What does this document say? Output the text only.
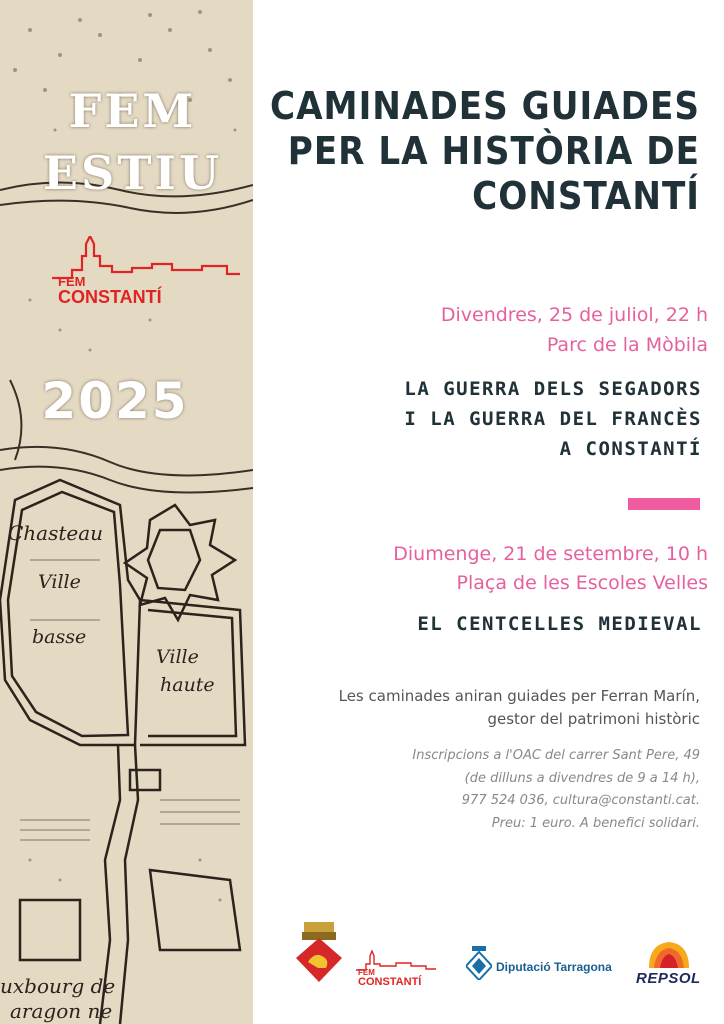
Chasteau
Ville
basse
Ville
haute
uxbourg de
aragon ne
FEM
ESTIU
FEM
CONSTANTÍ
2025
CAMINADES GUIADES
PER LA HISTÒRIA DE
CONSTANTÍ
Divendres, 25 de juliol, 22 h
Parc de la Mòbila
LA GUERRA DELS SEGADORS
I LA GUERRA DEL FRANCÈS
A CONSTANTÍ
Diumenge, 21 de setembre, 10 h
Plaça de les Escoles Velles
EL CENTCELLES MEDIEVAL
Les caminades aniran guiades per Ferran Marín,
gestor del patrimoni històric
Inscripcions a l'OAC del carrer Sant Pere, 49
(de dilluns a divendres de 9 a 14 h),
977 524 036, cultura@constanti.cat.
Preu: 1 euro. A benefici solidari.
FEM
CONSTANTÍ
Diputació Tarragona
REPSOL
